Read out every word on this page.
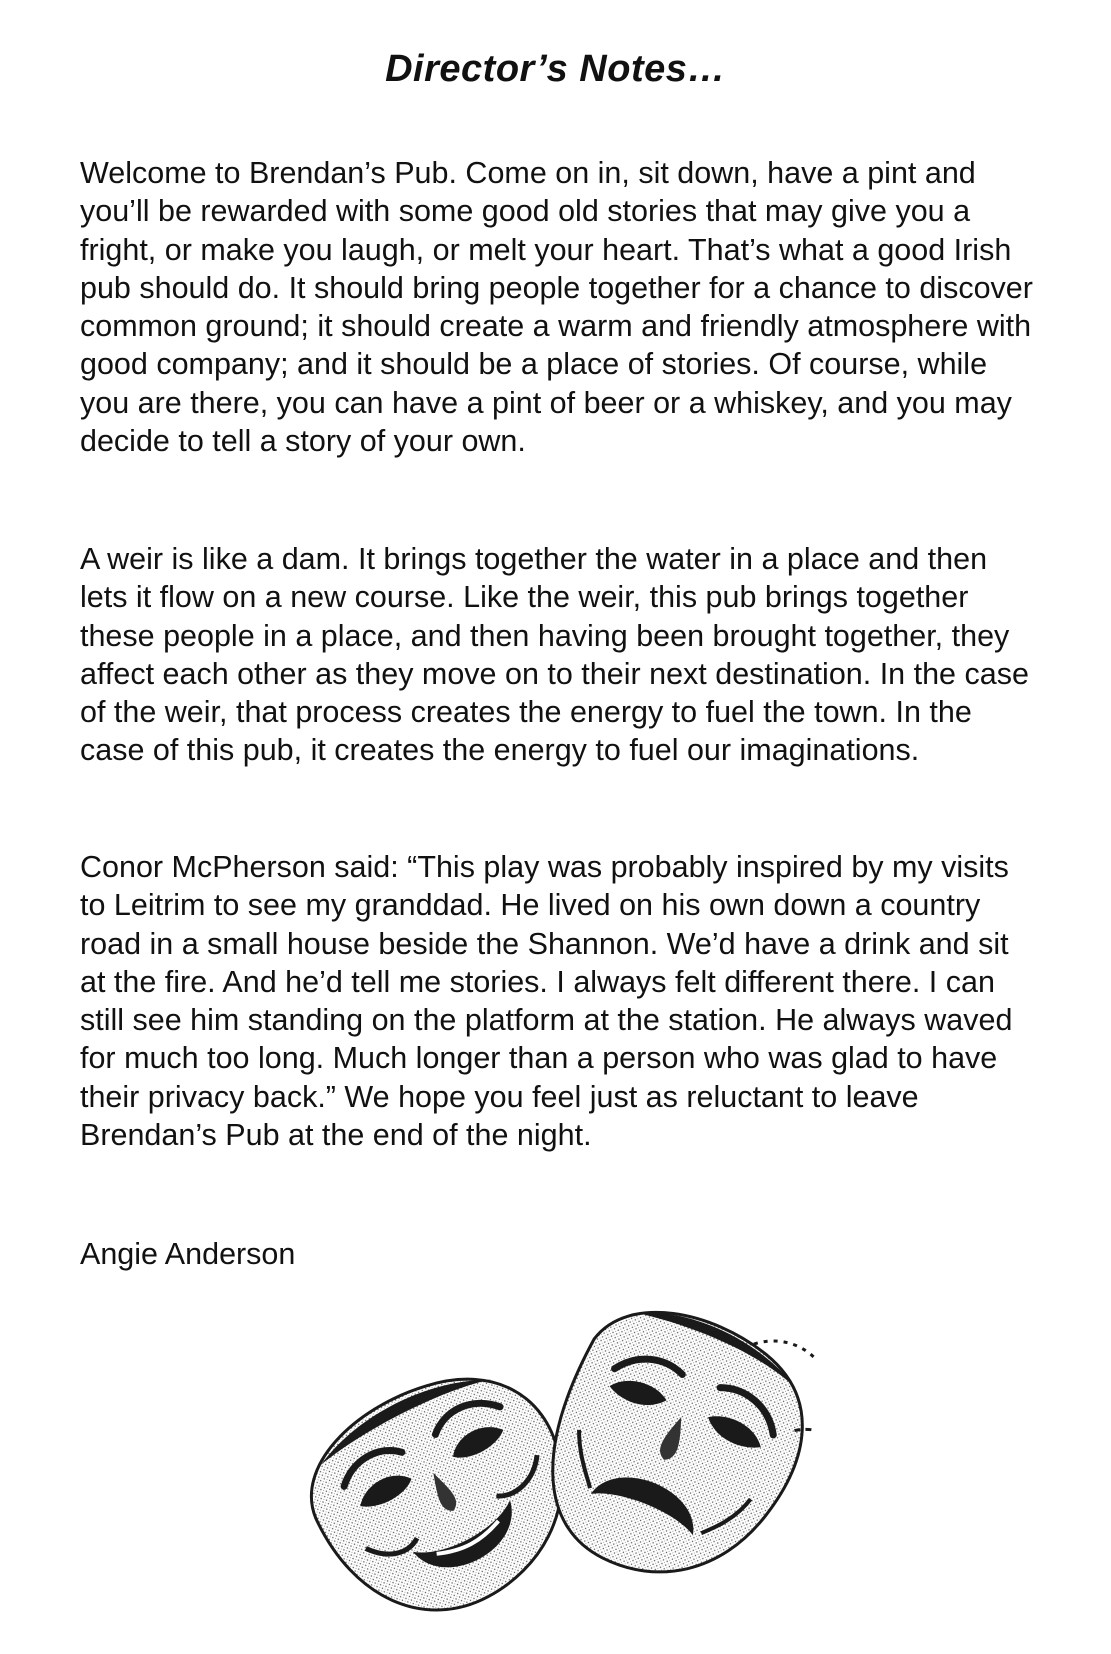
Director’s Notes…

Welcome to Brendan’s Pub. Come on in, sit down, have a pint and you’ll be rewarded with some good old stories that may give you a fright, or make you laugh, or melt your heart. That’s what a good Irish pub should do. It should bring people together for a chance to discover common ground; it should create a warm and friendly atmosphere with good company; and it should be a place of stories. Of course, while you are there, you can have a pint of beer or a whiskey, and you may decide to tell a story of your own.

A weir is like a dam. It brings together the water in a place and then lets it flow on a new course. Like the weir, this pub brings together these people in a place, and then having been brought together, they affect each other as they move on to their next destination. In the case of the weir, that process creates the energy to fuel the town. In the case of this pub, it creates the energy to fuel our imaginations.

Conor McPherson said: “This play was probably inspired by my visits to Leitrim to see my granddad. He lived on his own down a country road in a small house beside the Shannon. We’d have a drink and sit at the fire. And he’d tell me stories. I always felt different there. I can still see him standing on the platform at the station. He always waved for much too long. Much longer than a person who was glad to have their privacy back.” We hope you feel just as reluctant to leave Brendan’s Pub at the end of the night.

Angie Anderson
